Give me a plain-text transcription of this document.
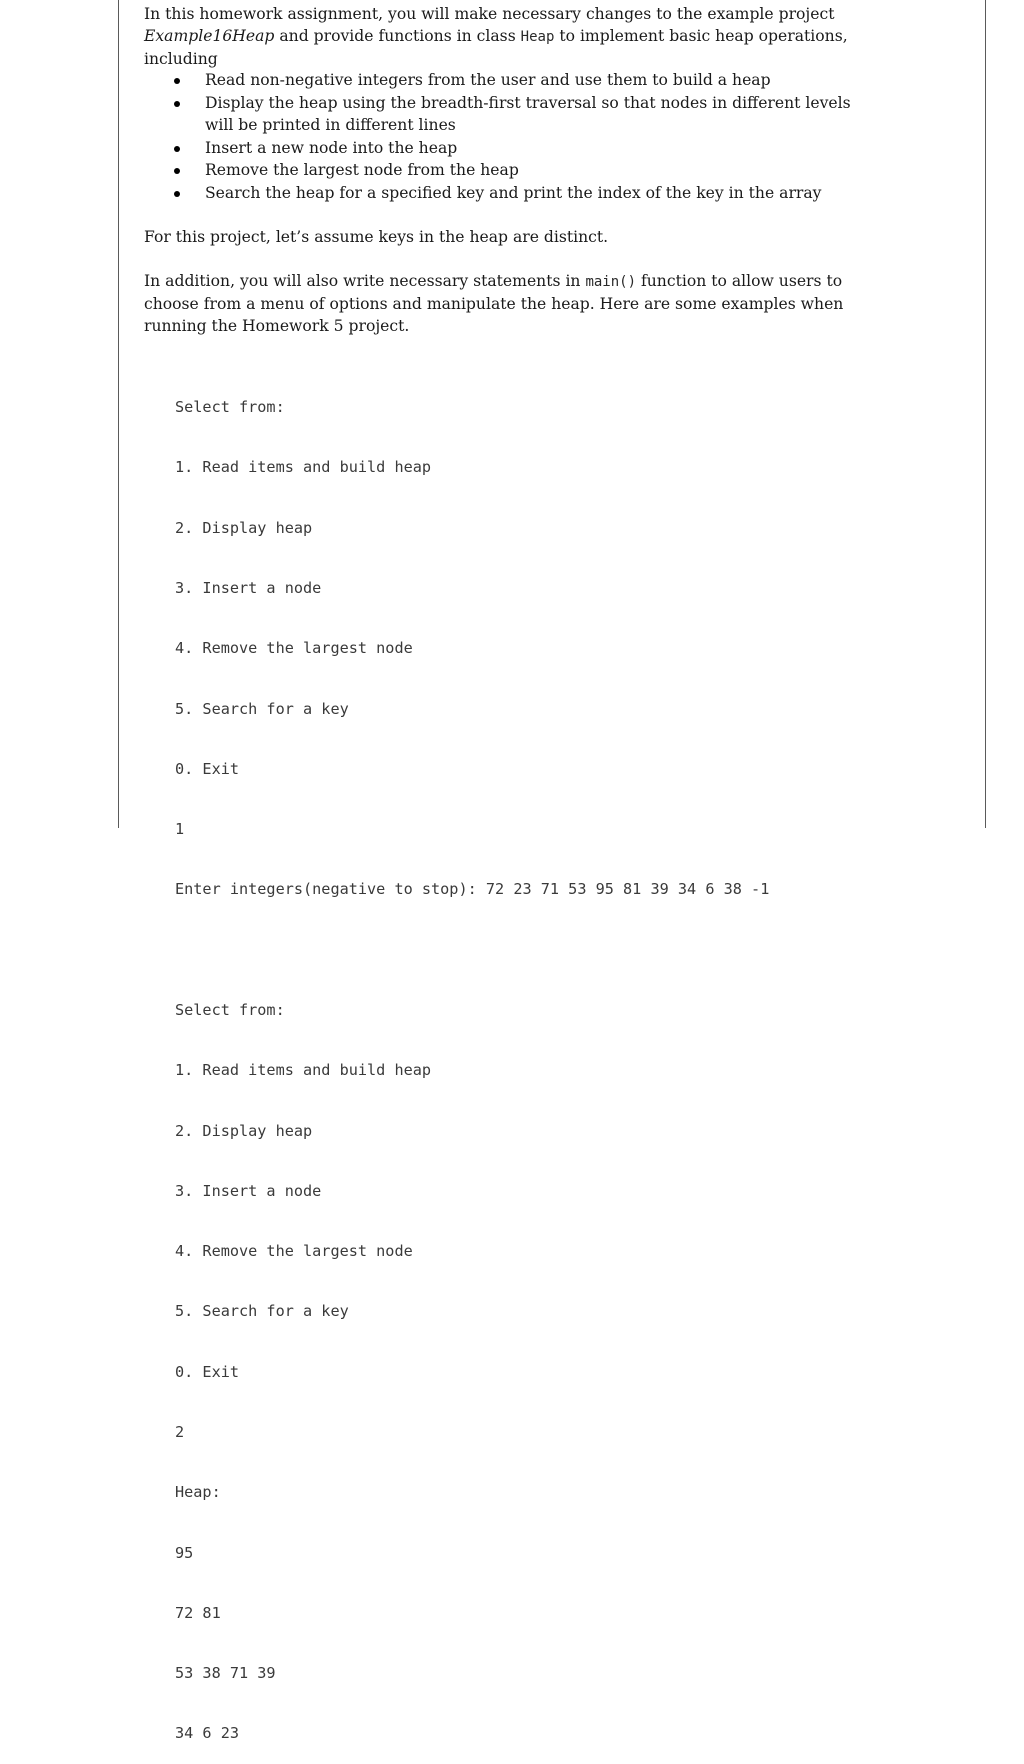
In this homework assignment, you will make necessary changes to the example project
Example16Heap and provide functions in class Heap to implement basic heap operations,
including
Read non-negative integers from the user and use them to build a heap
Display the heap using the breadth-first traversal so that nodes in different levels will be printed in different lines
Insert a new node into the heap
Remove the largest node from the heap
Search the heap for a specified key and print the index of the key in the array
For this project, let’s assume keys in the heap are distinct.
In addition, you will also write necessary statements in main() function to allow users to choose from a menu of options and manipulate the heap. Here are some examples when running the Homework 5 project.

Select from:

1. Read items and build heap

2. Display heap

3. Insert a node

4. Remove the largest node

5. Search for a key

0. Exit

1

Enter integers(negative to stop): 72 23 71 53 95 81 39 34 6 38 -1

Select from:

1. Read items and build heap

2. Display heap

3. Insert a node

4. Remove the largest node

5. Search for a key

0. Exit

2

Heap:

95

72 81

53 38 71 39

34 6 23
